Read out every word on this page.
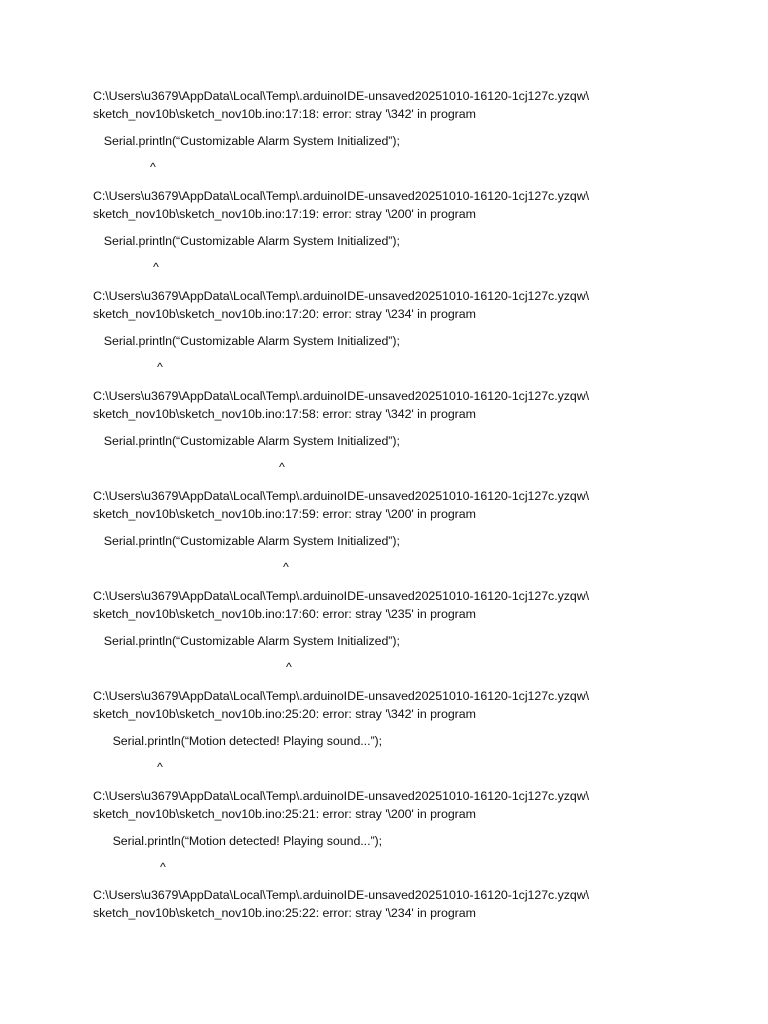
C:\Users\u3679\AppData\Local\Temp\.arduinoIDE-unsaved20251010-16120-1cj127c.yzqw\
sketch_nov10b\sketch_nov10b.ino:17:18: error: stray '\342' in program
Serial.println(“Customizable Alarm System Initialized”);

^

C:\Users\u3679\AppData\Local\Temp\.arduinoIDE-unsaved20251010-16120-1cj127c.yzqw\
sketch_nov10b\sketch_nov10b.ino:17:19: error: stray '\200' in program
Serial.println(“Customizable Alarm System Initialized”);

^

C:\Users\u3679\AppData\Local\Temp\.arduinoIDE-unsaved20251010-16120-1cj127c.yzqw\
sketch_nov10b\sketch_nov10b.ino:17:20: error: stray '\234' in program
Serial.println(“Customizable Alarm System Initialized”);

^

C:\Users\u3679\AppData\Local\Temp\.arduinoIDE-unsaved20251010-16120-1cj127c.yzqw\
sketch_nov10b\sketch_nov10b.ino:17:58: error: stray '\342' in program
Serial.println(“Customizable Alarm System Initialized”);

^

C:\Users\u3679\AppData\Local\Temp\.arduinoIDE-unsaved20251010-16120-1cj127c.yzqw\
sketch_nov10b\sketch_nov10b.ino:17:59: error: stray '\200' in program
Serial.println(“Customizable Alarm System Initialized”);

^

C:\Users\u3679\AppData\Local\Temp\.arduinoIDE-unsaved20251010-16120-1cj127c.yzqw\
sketch_nov10b\sketch_nov10b.ino:17:60: error: stray '\235' in program
Serial.println(“Customizable Alarm System Initialized”);

^

C:\Users\u3679\AppData\Local\Temp\.arduinoIDE-unsaved20251010-16120-1cj127c.yzqw\
sketch_nov10b\sketch_nov10b.ino:25:20: error: stray '\342' in program
Serial.println(“Motion detected! Playing sound...”);

^

C:\Users\u3679\AppData\Local\Temp\.arduinoIDE-unsaved20251010-16120-1cj127c.yzqw\
sketch_nov10b\sketch_nov10b.ino:25:21: error: stray '\200' in program
Serial.println(“Motion detected! Playing sound...”);

^

C:\Users\u3679\AppData\Local\Temp\.arduinoIDE-unsaved20251010-16120-1cj127c.yzqw\
sketch_nov10b\sketch_nov10b.ino:25:22: error: stray '\234' in program
